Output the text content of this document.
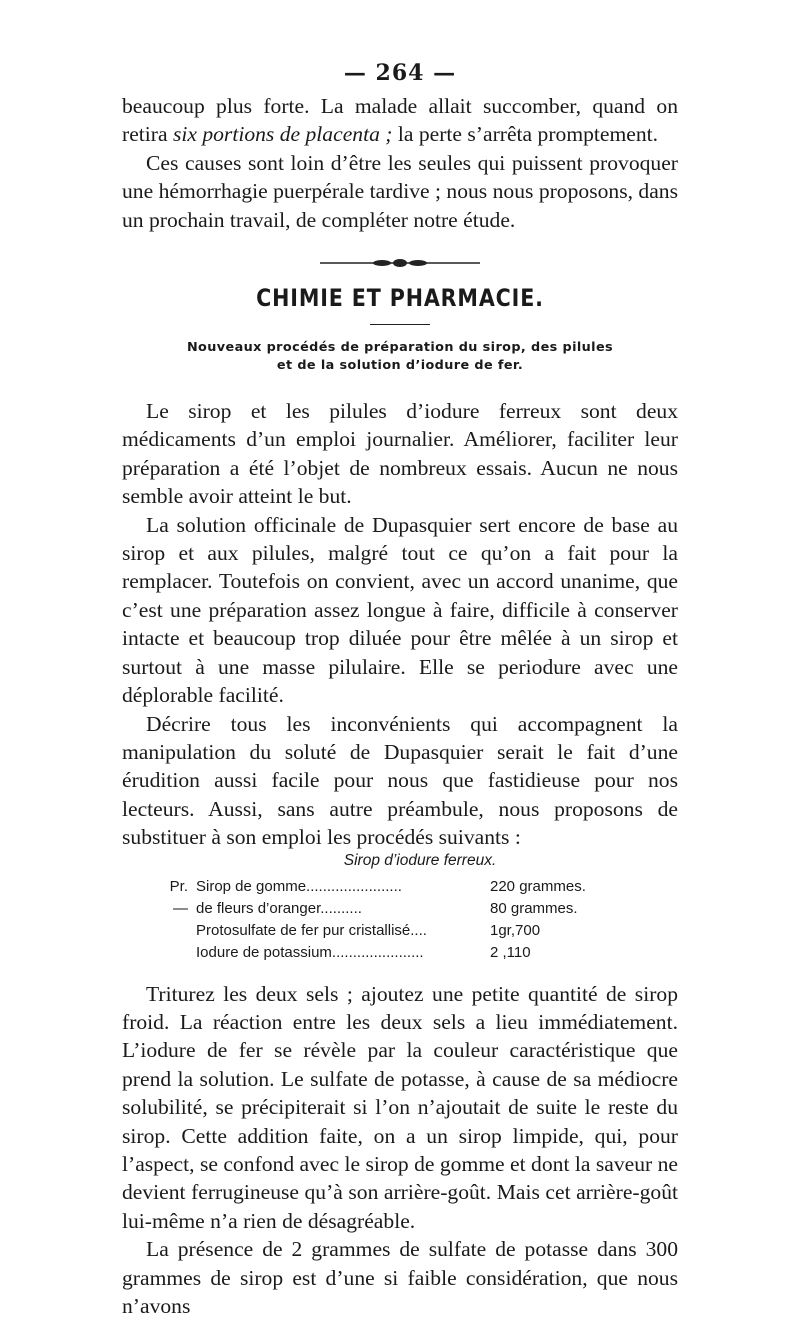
— 264 —

beaucoup plus forte. La malade allait succomber, quand on retira six portions de placenta ; la perte s’arrêta promptement.

Ces causes sont loin d’être les seules qui puissent provoquer une hémorrhagie puerpérale tardive ; nous nous proposons, dans un prochain travail, de compléter notre étude.

CHIMIE ET PHARMACIE.
Nouveaux procédés de préparation du sirop, des pilules
et de la solution d’iodure de fer.

Le sirop et les pilules d’iodure ferreux sont deux médicaments d’un emploi journalier. Améliorer, faciliter leur préparation a été l’objet de nombreux essais. Aucun ne nous semble avoir atteint le but.

La solution officinale de Dupasquier sert encore de base au sirop et aux pilules, malgré tout ce qu’on a fait pour la remplacer. Toutefois on convient, avec un accord unanime, que c’est une préparation assez longue à faire, difficile à conserver intacte et beaucoup trop diluée pour être mêlée à un sirop et surtout à une masse pilulaire. Elle se periodure avec une déplorable facilité.

Décrire tous les inconvénients qui accompagnent la manipulation du soluté de Dupasquier serait le fait d’une érudition aussi facile pour nous que fastidieuse pour nos lecteurs. Aussi, sans autre préambule, nous proposons de substituer à son emploi les procédés suivants :

Sirop d’iodure ferreux.
Pr. Sirop de gomme.......................	220 grammes.
— de fleurs d’oranger..........	80 grammes.
Protosulfate de fer pur cristallisé....	1gr,700
Iodure de potassium......................	2 ,110

Triturez les deux sels ; ajoutez une petite quantité de sirop froid. La réaction entre les deux sels a lieu immédiatement. L’iodure de fer se révèle par la couleur caractéristique que prend la solution. Le sulfate de potasse, à cause de sa médiocre solubilité, se précipiterait si l’on n’ajoutait de suite le reste du sirop. Cette addition faite, on a un sirop limpide, qui, pour l’aspect, se confond avec le sirop de gomme et dont la saveur ne devient ferrugineuse qu’à son arrière-goût. Mais cet arrière-goût lui-même n’a rien de désagréable.

La présence de 2 grammes de sulfate de potasse dans 300 grammes de sirop est d’une si faible considération, que nous n’avons
